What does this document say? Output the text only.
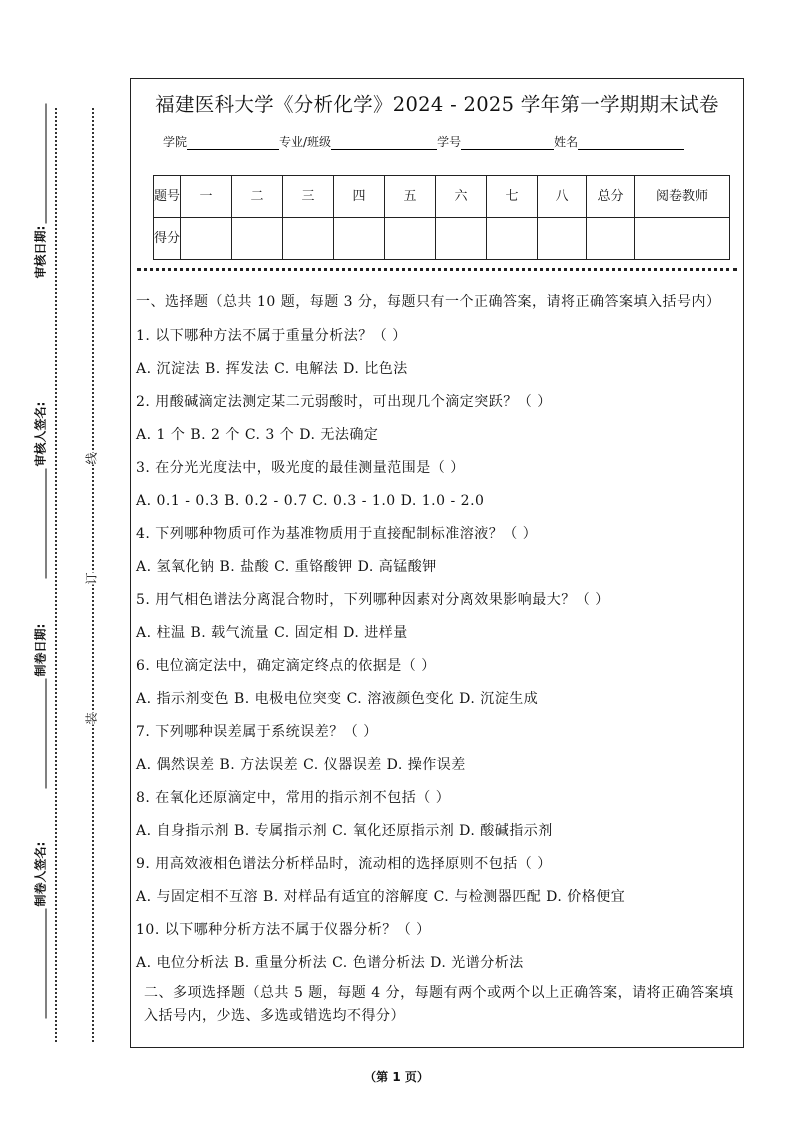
审核日期:
审核人签名:
制卷日期:
制卷人签名:
线
订
装
福建医科大学《分析化学》2024 - 2025 学年第一学期期末试卷
学院	专业/班级	学号	姓名
题号	一	二	三	四	五	六	七	八	总分	阅卷教师
得分										

一、选择题（总共 10 题，每题 3 分，每题只有一个正确答案，请将正确答案填入括号内）

1. 以下哪种方法不属于重量分析法？（ ）

A. 沉淀法 B. 挥发法 C. 电解法 D. 比色法

2. 用酸碱滴定法测定某二元弱酸时，可出现几个滴定突跃？（ ）

A. 1 个 B. 2 个 C. 3 个 D. 无法确定

3. 在分光光度法中，吸光度的最佳测量范围是（ ）

A. 0.1 - 0.3 B. 0.2 - 0.7 C. 0.3 - 1.0 D. 1.0 - 2.0

4. 下列哪种物质可作为基准物质用于直接配制标准溶液？（ ）

A. 氢氧化钠 B. 盐酸 C. 重铬酸钾 D. 高锰酸钾

5. 用气相色谱法分离混合物时，下列哪种因素对分离效果影响最大？（ ）

A. 柱温 B. 载气流量 C. 固定相 D. 进样量

6. 电位滴定法中，确定滴定终点的依据是（ ）

A. 指示剂变色 B. 电极电位突变 C. 溶液颜色变化 D. 沉淀生成

7. 下列哪种误差属于系统误差？（ ）

A. 偶然误差 B. 方法误差 C. 仪器误差 D. 操作误差

8. 在氧化还原滴定中，常用的指示剂不包括（ ）

A. 自身指示剂 B. 专属指示剂 C. 氧化还原指示剂 D. 酸碱指示剂

9. 用高效液相色谱法分析样品时，流动相的选择原则不包括（ ）

A. 与固定相不互溶 B. 对样品有适宜的溶解度 C. 与检测器匹配 D. 价格便宜

10. 以下哪种分析方法不属于仪器分析？（ ）

A. 电位分析法 B. 重量分析法 C. 色谱分析法 D. 光谱分析法

二、多项选择题（总共 5 题，每题 4 分，每题有两个或两个以上正确答案，请将正确答案填入括号内，少选、多选或错选均不得分）

（第 1 页）
